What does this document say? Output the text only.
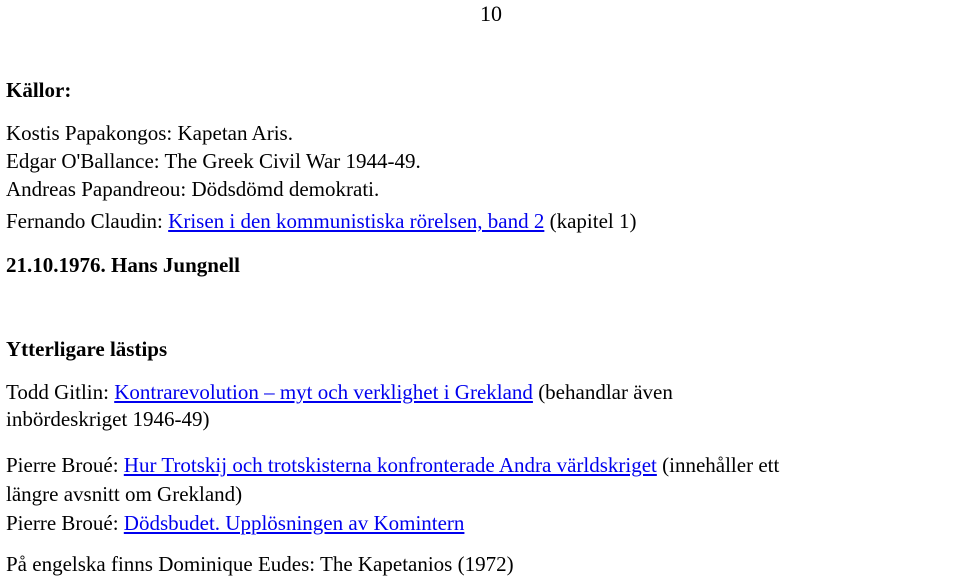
10
Källor:
Kostis Papakongos: Kapetan Aris.
Edgar O'Ballance: The Greek Civil War 1944-49.
Andreas Papandreou: Dödsdömd demokrati.
Fernando Claudin: Krisen i den kommunistiska rörelsen, band 2 (kapitel 1)
21.10.1976. Hans Jungnell
Ytterligare lästips
Todd Gitlin: Kontrarevolution – myt och verklighet i Grekland (behandlar även
inbördeskriget 1946-49)
Pierre Broué: Hur Trotskij och trotskisterna konfronterade Andra världskriget (innehåller ett
längre avsnitt om Grekland)
Pierre Broué: Dödsbudet. Upplösningen av Komintern
På engelska finns Dominique Eudes: The Kapetanios (1972)
